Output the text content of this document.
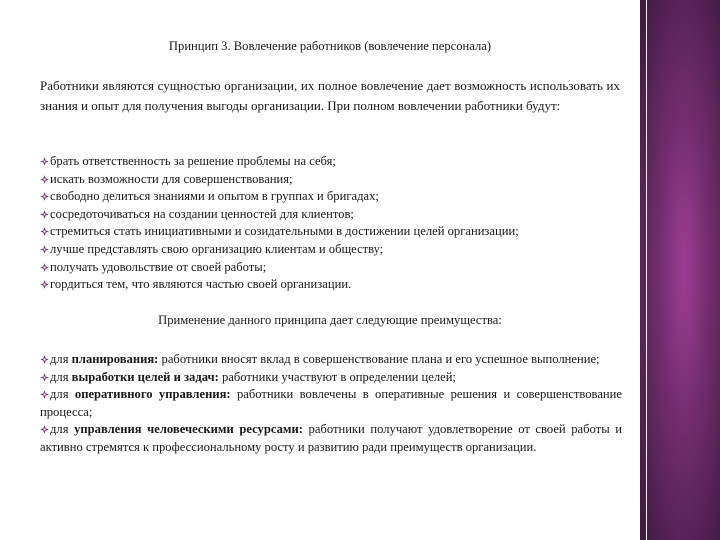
Принцип 3. Вовлечение работников (вовлечение персонала)
Работники являются сущностью организации, их полное вовлечение дает возможность использовать их знания и опыт для получения выгоды организации. При полном вовлечении работники будут:
брать ответственность за решение проблемы на себя;
искать возможности для совершенствования;
свободно делиться знаниями и опытом в группах и бригадах;
сосредоточиваться на создании ценностей для клиентов;
стремиться стать инициативными и созидательными в достижении целей организации;
лучше представлять свою организацию клиентам и обществу;
получать удовольствие от своей работы;
гордиться тем, что являются частью своей организации.
Применение данного принципа дает следующие преимущества:
для планирования: работники вносят вклад в совершенствование плана и его успешное выполнение;
для выработки целей и задач: работники участвуют в определении целей;
для оперативного управления: работники вовлечены в оперативные решения и совершенствование процесса;
для управления человеческими ресурсами: работники получают удовлетворение от своей работы и активно стремятся к профессиональному росту и развитию ради преимуществ организации.
